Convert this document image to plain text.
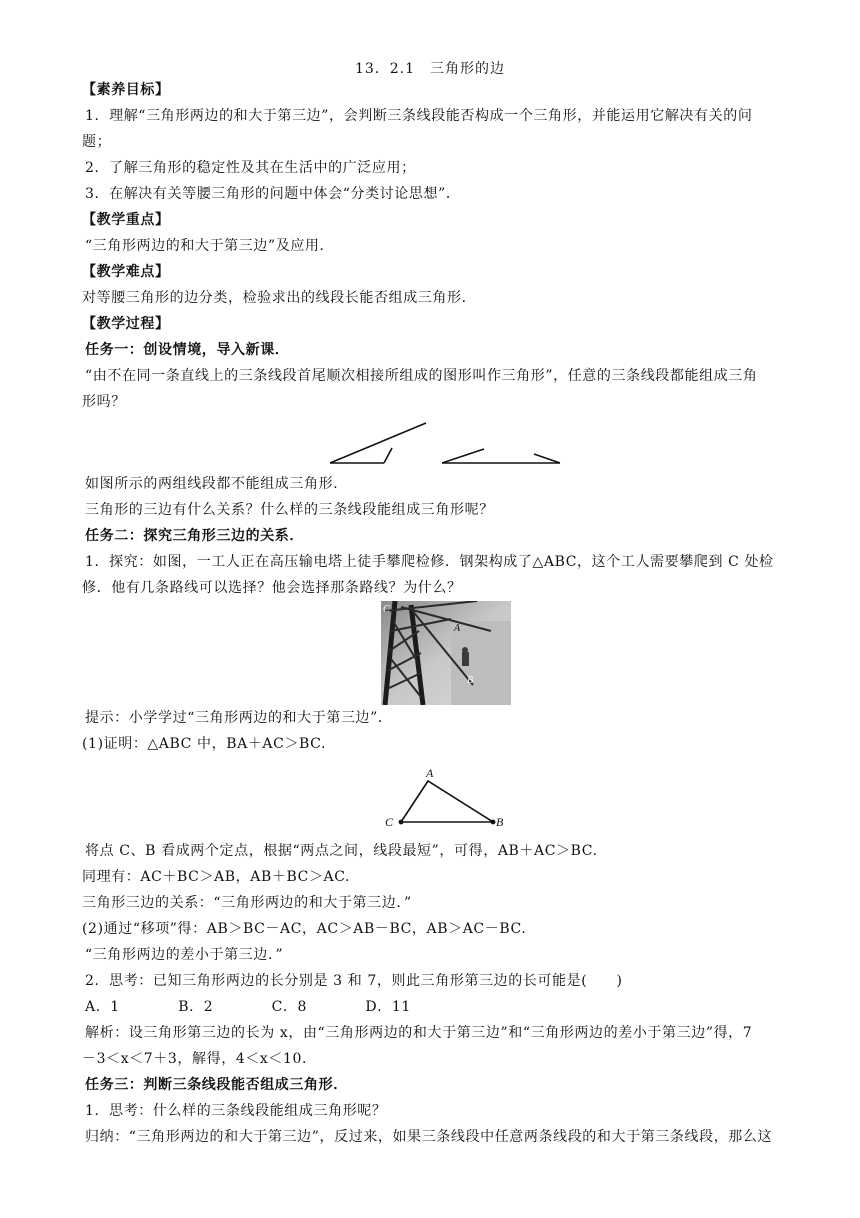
13．2.1　三角形的边
【素养目标】
1．理解“三角形两边的和大于第三边”，会判断三条线段能否构成一个三角形，并能运用它解决有关的问
题；
2．了解三角形的稳定性及其在生活中的广泛应用；
3．在解决有关等腰三角形的问题中体会“分类讨论思想”．
【教学重点】
“三角形两边的和大于第三边”及应用．
【教学难点】
对等腰三角形的边分类，检验求出的线段长能否组成三角形．
【教学过程】
任务一：创设情境，导入新课．
“由不在同一条直线上的三条线段首尾顺次相接所组成的图形叫作三角形”，任意的三条线段都能组成三角
形吗？
如图所示的两组线段都不能组成三角形．
三角形的三边有什么关系？什么样的三条线段能组成三角形呢？
任务二：探究三角形三边的关系．
1．探究：如图，一工人正在高压输电塔上徒手攀爬检修．钢架构成了△ABC，这个工人需要攀爬到 C 处检
修．他有几条路线可以选择？他会选择那条路线？为什么？
C
A
B
提示：小学学过“三角形两边的和大于第三边”．
(1)证明：△ABC 中，BA＋AC＞BC.
A
C	B
将点 C、B 看成两个定点，根据“两点之间，线段最短”，可得，AB＋AC＞BC.
同理有：AC＋BC＞AB，AB＋BC＞AC.
三角形三边的关系：“三角形两边的和大于第三边．”
(2)通过“移项”得：AB＞BC－AC，AC＞AB－BC，AB＞AC－BC.
“三角形两边的差小于第三边．”
2．思考：已知三角形两边的长分别是 3 和 7，则此三角形第三边的长可能是(　　)
A．1　　　　B．2　　　　C．8　　　　D．11
解析：设三角形第三边的长为 x，由“三角形两边的和大于第三边”和“三角形两边的差小于第三边”得，7
－3＜x＜7＋3，解得，4＜x＜10.
任务三：判断三条线段能否组成三角形．
1．思考：什么样的三条线段能组成三角形呢？
归纳：“三角形两边的和大于第三边”，反过来，如果三条线段中任意两条线段的和大于第三条线段，那么这
